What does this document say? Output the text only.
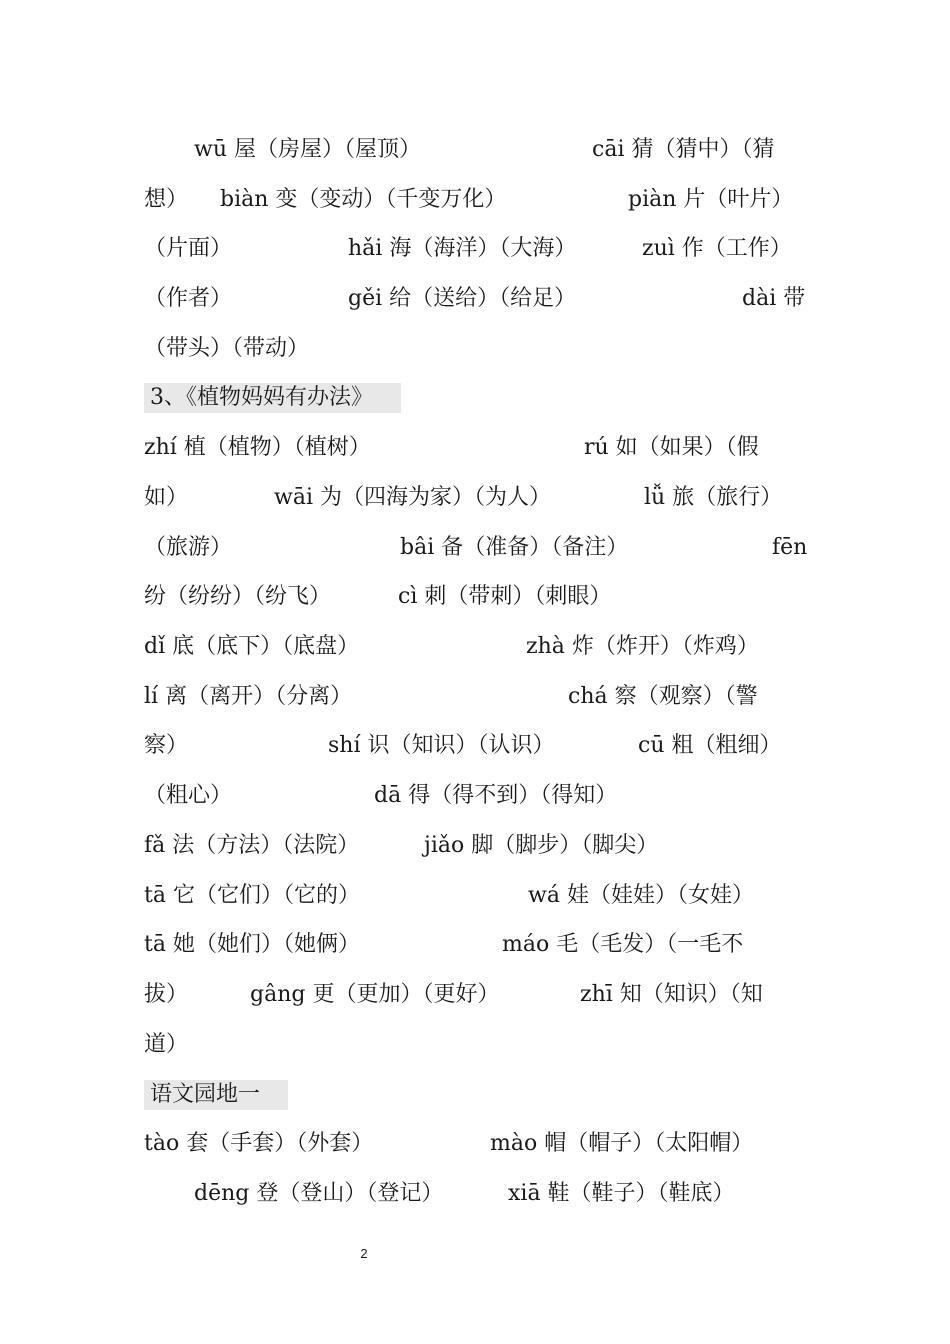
wū 屋（房屋）（屋顶）	cāi 猜（猜中）（猜
想） biàn 变（变动）（千变万化）	piàn 片（叶片）
（片面）	hǎi 海（海洋）（大海）	zuì 作（工作）
（作者）	gěi 给（送给）（给足）	dài 带
（带头）（带动）
3、《植物妈妈有办法》
zhí 植（植物）（植树）	rú 如（如果）（假
如）	wāi 为（四海为家）（为人）	lǚ 旅（旅行）
（旅游）	bâi 备（准备）（备注）	fēn
纷（纷纷）（纷飞）	cì 刺（带刺）（刺眼）
dǐ 底（底下）（底盘）	zhà 炸（炸开）（炸鸡）
lí 离（离开）（分离）	chá 察（观察）（警
察）	shí 识（知识）（认识）	cū 粗（粗细）
（粗心）	dā 得（得不到）（得知）
fǎ 法（方法）（法院）	jiǎo 脚（脚步）（脚尖）
tā 它（它们）（它的）	wá 娃（娃娃）（女娃）
tā 她（她们）（她俩）	máo 毛（毛发）（一毛不
拔）	gâng 更（更加）（更好）	zhī 知（知识）（知
道）
语文园地一
tào 套（手套）（外套）	mào 帽（帽子）（太阳帽）
dēng 登（登山）（登记）	xiā 鞋（鞋子）（鞋底）
2
